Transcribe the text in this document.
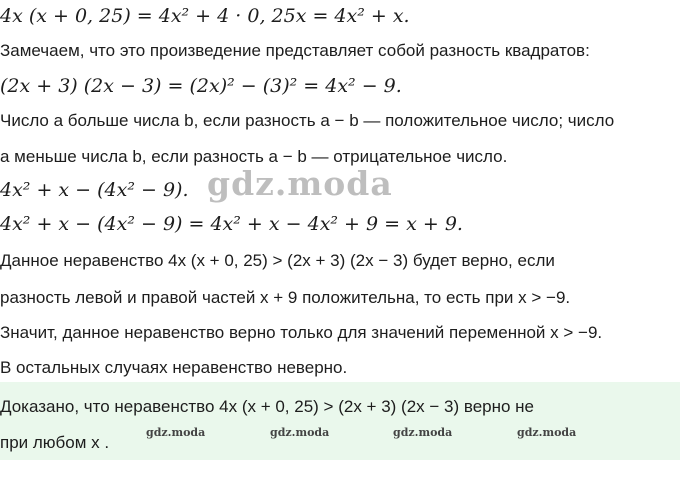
4x (x + 0, 25) = 4x² + 4 · 0, 25x = 4x² + x.
Замечаем, что это произведение представляет собой разность квадратов:
(2x + 3) (2x − 3) = (2x)² − (3)² = 4x² − 9.
Число a больше числа b, если разность a − b — положительное число; число
a меньше числа b, если разность a − b — отрицательное число.
4x² + x − (4x² − 9).
4x² + x − (4x² − 9) = 4x² + x − 4x² + 9 = x + 9.
Данное неравенство 4x (x + 0, 25) > (2x + 3) (2x − 3) будет верно, если
разность левой и правой частей x + 9 положительна, то есть при x > −9.
Значит, данное неравенство верно только для значений переменной x > −9.
В остальных случаях неравенство неверно.
Доказано, что неравенство 4x (x + 0, 25) > (2x + 3) (2x − 3) верно не
при любом x .
gdz.moda
gdz.moda	gdz.moda	gdz.moda	gdz.moda
